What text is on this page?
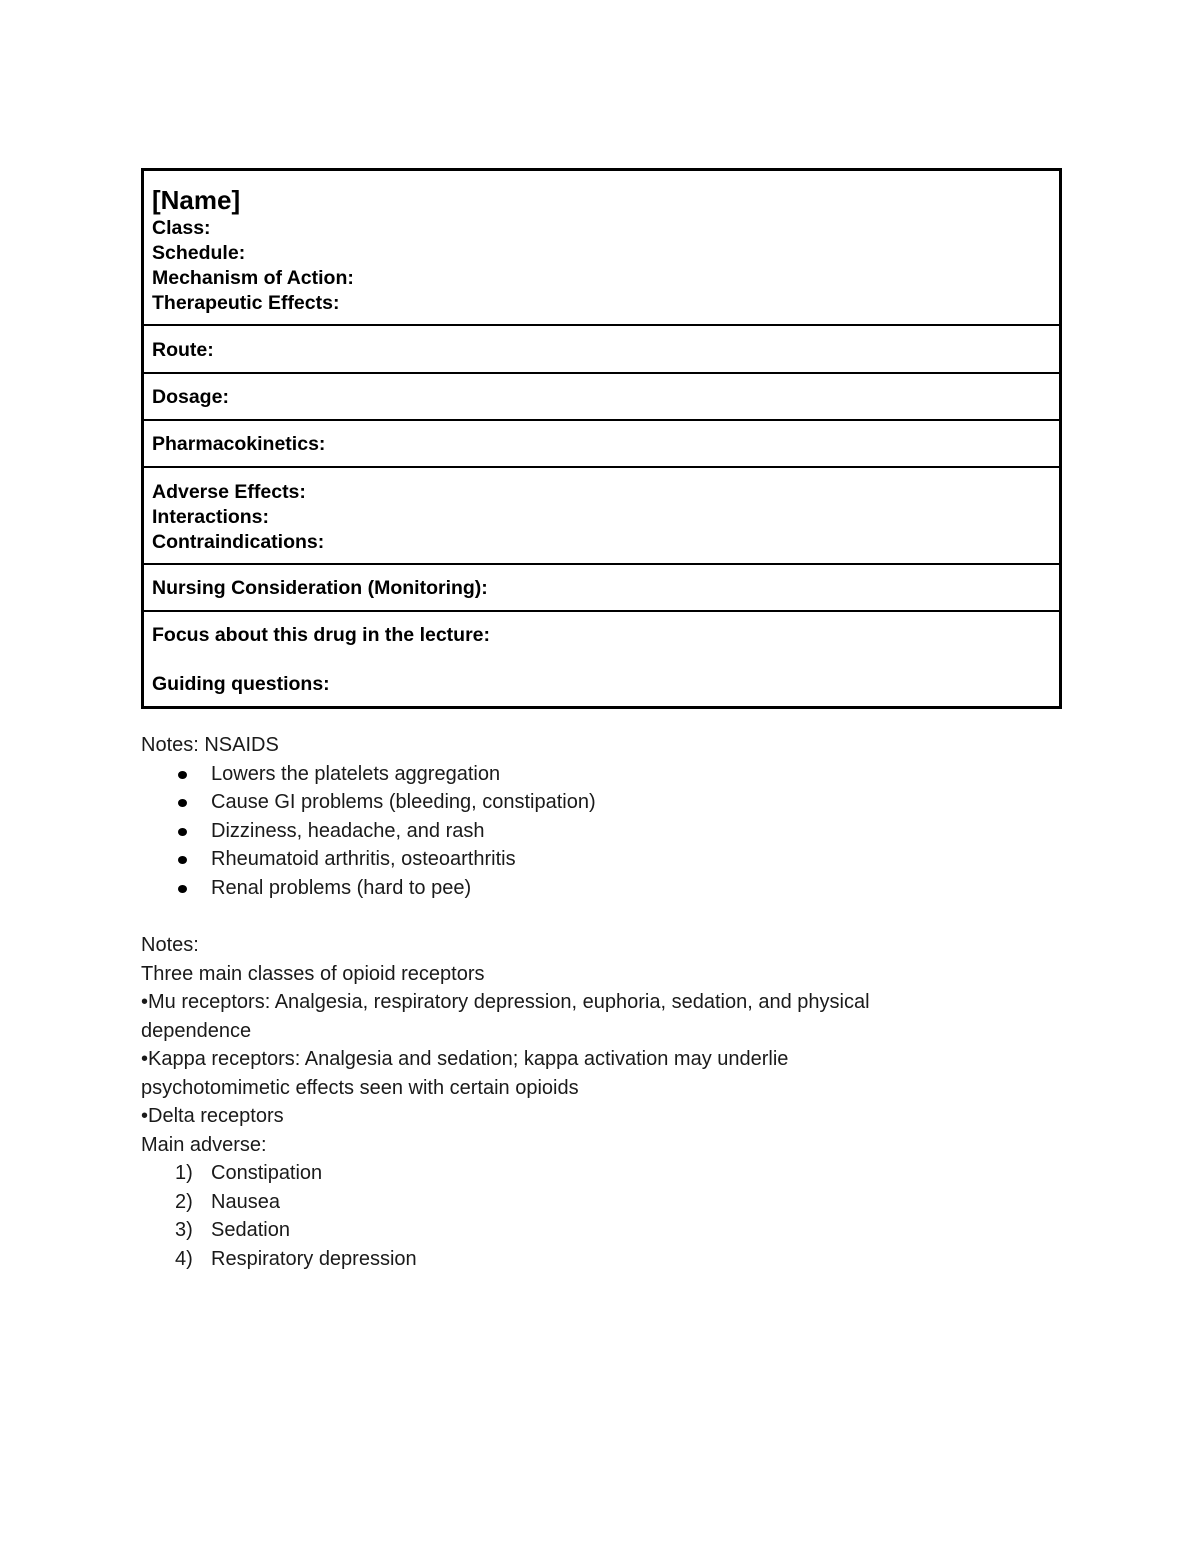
[Name]
Class:
Schedule:
Mechanism of Action:
Therapeutic Effects:
Route:
Dosage:
Pharmacokinetics:
Adverse Effects:
Interactions:
Contraindications:
Nursing Consideration (Monitoring):
Focus about this drug in the lecture:
Guiding questions:
Notes: NSAIDS
Lowers the platelets aggregation
Cause GI problems (bleeding, constipation)
Dizziness, headache, and rash
Rheumatoid arthritis, osteoarthritis
Renal problems (hard to pee)
Notes:
Three main classes of opioid receptors
•Mu receptors: Analgesia, respiratory depression, euphoria, sedation, and physical dependence
•Kappa receptors: Analgesia and sedation; kappa activation may underlie psychotomimetic effects seen with certain opioids
•Delta receptors
Main adverse:
1) Constipation
2) Nausea
3) Sedation
4) Respiratory depression
